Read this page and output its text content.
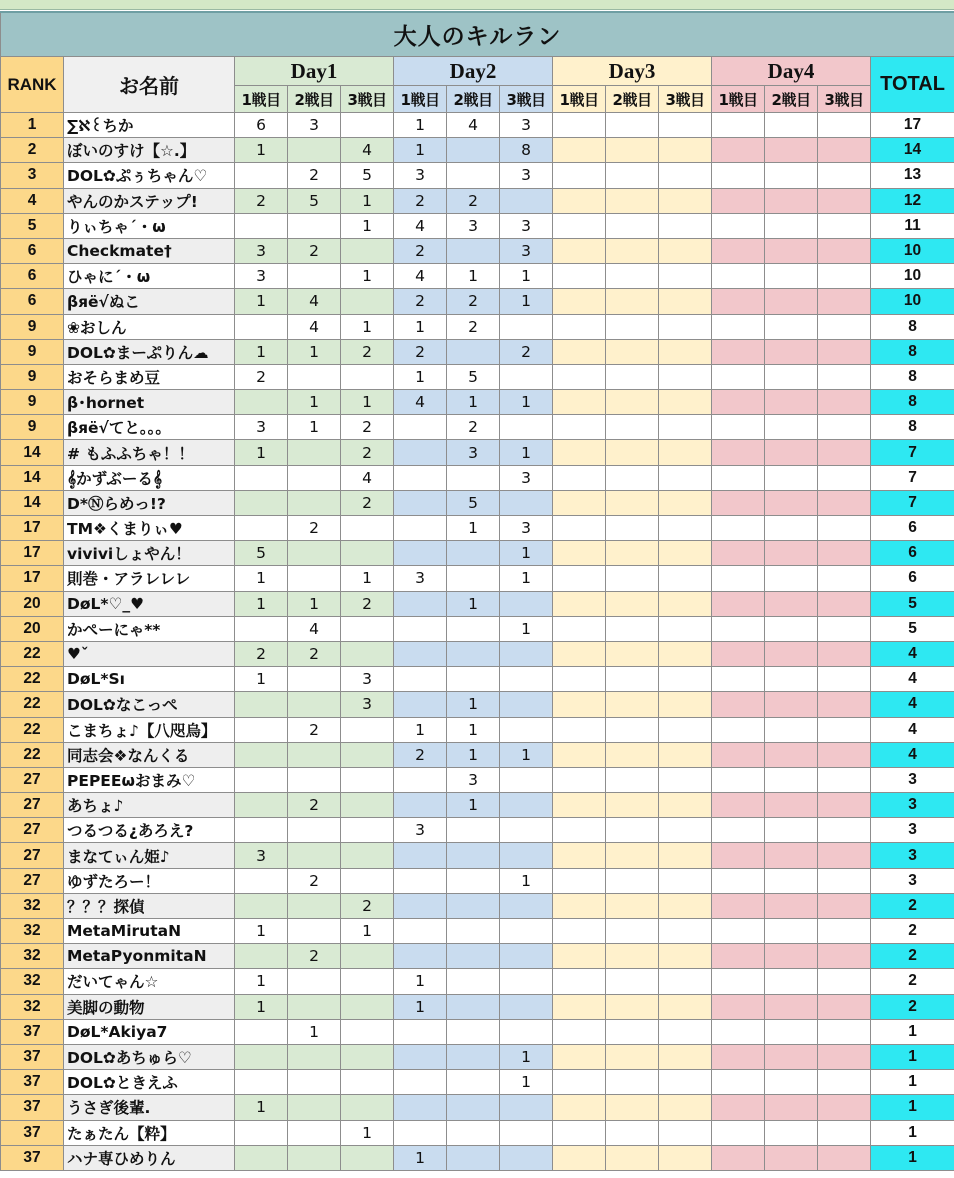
大人のキルラン														
RANK	お名前	Day1			Day2			Day3			Day4			TOTAL
		1戦目	2戦目	3戦目	1戦目	2戦目	3戦目	1戦目	2戦目	3戦目	1戦目	2戦目	3戦目	
1	∑ℵ꒰ちか	6	3		1	4	3							17
2	ぼいのすけ【☆.】	1		4	1		8							14
3	DOL✿ぷぅちゃん♡		2	5	3		3							13
4	やんのかステップ!	2	5	1	2	2								12
5	りぃちゃ´・ω			1	4	3	3							11
6	Checkmate†	3	2		2		3							10
6	ひゃに´・ω	3		1	4	1	1							10
6	βяё√ぬこ	1	4		2	2	1							10
9	❀おしん		4	1	1	2								8
9	DOL✿まーぷりん☁	1	1	2	2		2							8
9	おそらまめ豆	2			1	5								8
9	β･hornet		1	1	4	1	1							8
9	βяё√てと。。。	3	1	2		2								8
14	# もふふちゃ！！	1		2		3	1							7
14	𝄞かずぶーる𝄞			4			3							7
14	D*Ⓝらめっ!?			2		5								7
17	TM❖くまりぃ♥		2			1	3							6
17	viviviしょやん！	5					1							6
17	則巻・アラレレレ	1		1	3		1							6
20	DøL*♡_♥	1	1	2		1								5
20	かぺーにゃ**		4				1							5
22	♥ˇ	2	2											4
22	DøL*Sı	1		3										4
22	DOL✿なこっぺ			3		1								4
22	こまちょ♪【八咫烏】		2		1	1								4
22	同志会❖なんくる				2	1	1							4
27	PEPEEωおまみ♡					3								3
27	あちょ♪		2			1								3
27	つるつる¿あろえ?				3									3
27	まなてぃん姫♪	3												3
27	ゆずたろー！		2				1							3
32	？？？探偵			2										2
32	MetaMirutaN	1		1										2
32	MetaPyonmitaN		2											2
32	だいてゃん☆	1			1									2
32	美脚の動物	1			1									2
37	DøL*Akiya7		1											1
37	DOL✿あちゅら♡						1							1
37	DOL✿ときえふ						1							1
37	うさぎ後輩.	1												1
37	たぁたん【粋】			1										1
37	ハナ専ひめりん				1									1
